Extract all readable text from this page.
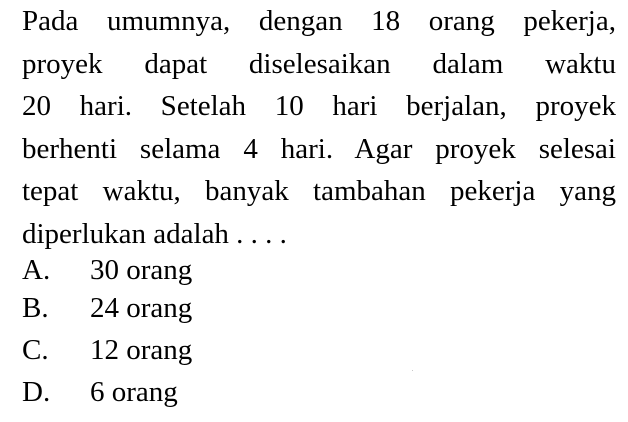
Pada umumnya, dengan 18 orang pekerja,
proyek dapat diselesaikan dalam waktu
20 hari. Setelah 10 hari berjalan, proyek
berhenti selama 4 hari. Agar proyek selesai
tepat waktu, banyak tambahan pekerja yang
diperlukan adalah . . . .
A. 30 orang
B. 24 orang
C. 12 orang
D. 6 orang
